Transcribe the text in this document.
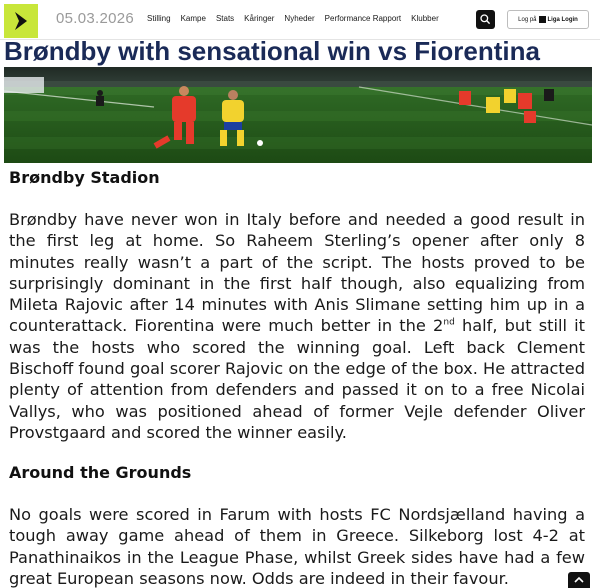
05.03.2026 Stilling Kampe Stats Kåringer Nyheder Performance Rapport Klubber	Log på Liga Login
Brøndby with sensational win vs Fiorentina
Brøndby Stadion

Brøndby have never won in Italy before and needed a good result in the first leg at home. So Raheem Sterling’s opener after only 8 minutes really wasn’t a part of the script. The hosts proved to be surprisingly dominant in the first half though, also equalizing from Mileta Rajovic after 14 minutes with Anis Slimane setting him up in a counterattack. Fiorentina were much better in the 2nd half, but still it was the hosts who scored the winning goal. Left back Clement Bischoff found goal scorer Rajovic on the edge of the box. He attracted plenty of attention from defenders and passed it on to a free Nicolai Vallys, who was positioned ahead of former Vejle defender Oliver Provstgaard and scored the winner easily.

Around the Grounds

No goals were scored in Farum with hosts FC Nordsjælland having a tough away game ahead of them in Greece. Silkeborg lost 4-2 at Panathinaikos in the League Phase, whilst Greek sides have had a few great European seasons now. Odds are indeed in their favour.
